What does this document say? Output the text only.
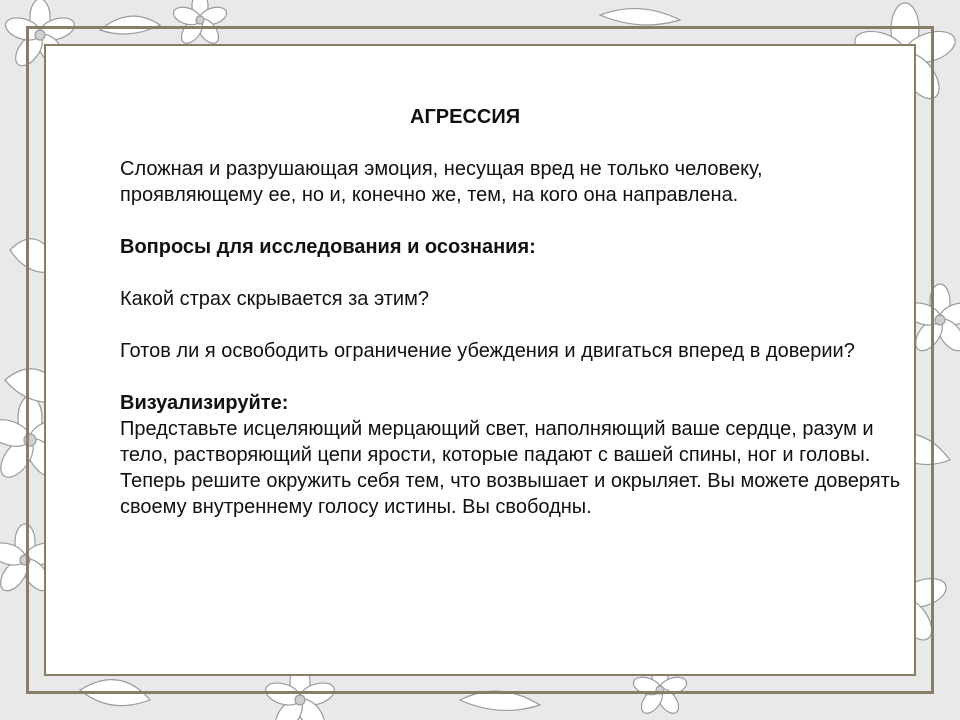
АГРЕССИЯ
Сложная и разрушающая эмоция, несущая вред не только человеку, проявляющему ее, но и, конечно же, тем, на кого она направлена.
Вопросы для исследования и осознания:
Какой страх скрывается за этим?
Готов ли я освободить ограничение убеждения и двигаться вперед в доверии?
Визуализируйте:
Представьте исцеляющий мерцающий свет, наполняющий ваше сердце, разум и тело, растворяющий цепи ярости, которые падают с вашей спины, ног и головы. Теперь решите окружить себя тем, что возвышает и окрыляет. Вы можете доверять своему внутреннему голосу истины. Вы свободны.
